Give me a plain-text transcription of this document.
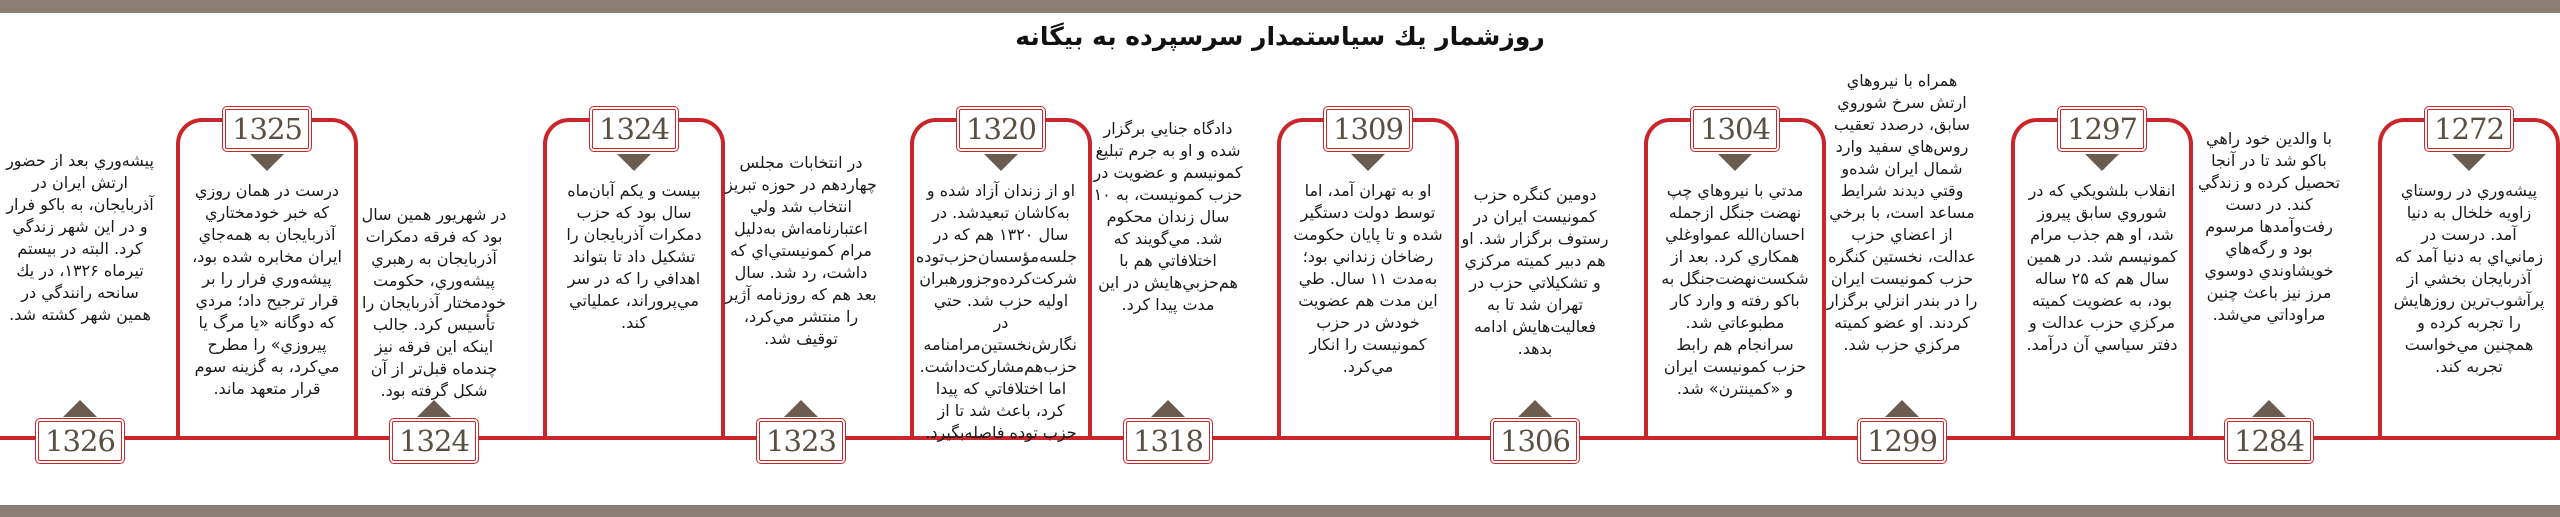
روزشمار يك سياستمدار سرسپرده به بيگانه
1272
پيشه‌وري در روستاي زاويه خلخال به دنيا آمد. درست در زماني‌اي به دنيا آمد كه آذربايجان بخشي از پرآشوب‌ترين روزهايش را تجربه كرده و همچنين مي‌خواست تجربه كند.
1297
انقلاب بلشويكي كه در شوروي سابق پيروز شد، او هم جذب مرام كمونيسم شد. در همين سال هم كه ۲۵ ساله بود، به عضويت كميته مركزي حزب عدالت و دفتر سياسي آن درآمد.
1304
مدتي با نيروهاي چپ نهضت جنگل ازجمله احسان‌الله عمواوغلي همكاري كرد. بعد از شكست‌نهضت‌جنگل به باكو رفته و وارد كار مطبوعاتي شد. سرانجام هم رابط حزب كمونيست ايران و «كمينترن» شد.
1309
او به تهران آمد، اما توسط دولت دستگير شده و تا پايان حكومت رضاخان زنداني بود؛ به‌مدت ۱۱ سال. طي اين مدت هم عضويت خودش در حزب كمونيست را انكار مي‌كرد.
1320
او از زندان آزاد شده و به‌كاشان تبعيدشد. در سال ۱۳۲۰ هم كه در جلسه‌مؤسسان‌حزب‌توده شركت‌كرده‌وجزورهبران اوليه حزب شد. حتي در نگارش‌نخستين‌مرامنامه حزب‌هم‌مشاركت‌داشت. اما اختلافاتي كه پيدا كرد، باعث شد تا از حزب توده فاصله‌بگيرد.
1324
بيست و يكم آبان‌ماه سال بود كه حزب دمكرات آذربايجان را تشكيل داد تا بتواند اهدافي را كه در سر مي‌پروراند، عملياتي كند.
1325
درست در همان روزي كه خبر خودمختاري آذربايجان به همه‌جاي ايران مخابره شده بود، پيشه‌وري فرار را بر قرار ترجيح داد؛ مردي كه دوگانه «يا مرگ يا پيروزي» را مطرح مي‌كرد، به گزينه سوم قرار متعهد ماند.
با والدين خود راهي باكو شد تا در آنجا تحصيل كرده و زندگي كند. در دست رفت‌وآمدها مرسوم بود و رگه‌هاي خويشاوندي دوسوي مرز نيز باعث چنين مراوداتي مي‌شد.
1284
همراه با نيروهاي ارتش سرخ شوروي سابق، درصدد تعقيب روس‌هاي سفيد وارد شمال ايران شده‌و وقتي ديدند شرايط مساعد است، با برخي از اعضاي حزب عدالت، نخستين كنگره حزب كمونيست ايران را در بندر انزلي برگزار كردند. او عضو كميته مركزي حزب شد.
1299
دومين كنگره حزب كمونيست ايران در رستوف برگزار شد. او هم دبير كميته مركزي و تشكيلاتي حزب در تهران شد تا به فعاليت‌هايش ادامه بدهد.
1306
دادگاه جنايي برگزار شده و او به جرم تبليغ كمونيسم و عضويت در حزب كمونيست، به ۱۰ سال زندان محكوم شد. مي‌گويند كه اختلافاتي هم با هم‌حزبي‌هايش در اين مدت پيدا كرد.
1318
در انتخابات مجلس چهاردهم در حوزه تبريز انتخاب شد ولي اعتبارنامه‌اش به‌دليل مرام كمونيستي‌اي كه داشت، رد شد. سال بعد هم كه روزنامه آژير را منتشر مي‌كرد، توقيف شد.
1323
در شهريور همين سال بود كه فرقه دمكرات آذربايجان به رهبري پيشه‌وري، حكومت خودمختار آذربايجان را تأسيس كرد. جالب اينكه اين فرقه نيز چندماه قبل‌تر از آن شكل گرفته بود.
1324
پيشه‌وري بعد از حضور ارتش ايران در آذربايجان، به باكو فرار و در اين شهر زندگي كرد. البته در بيستم تيرماه ۱۳۲۶، در يك سانحه رانندگي در همين شهر كشته شد.
1326
